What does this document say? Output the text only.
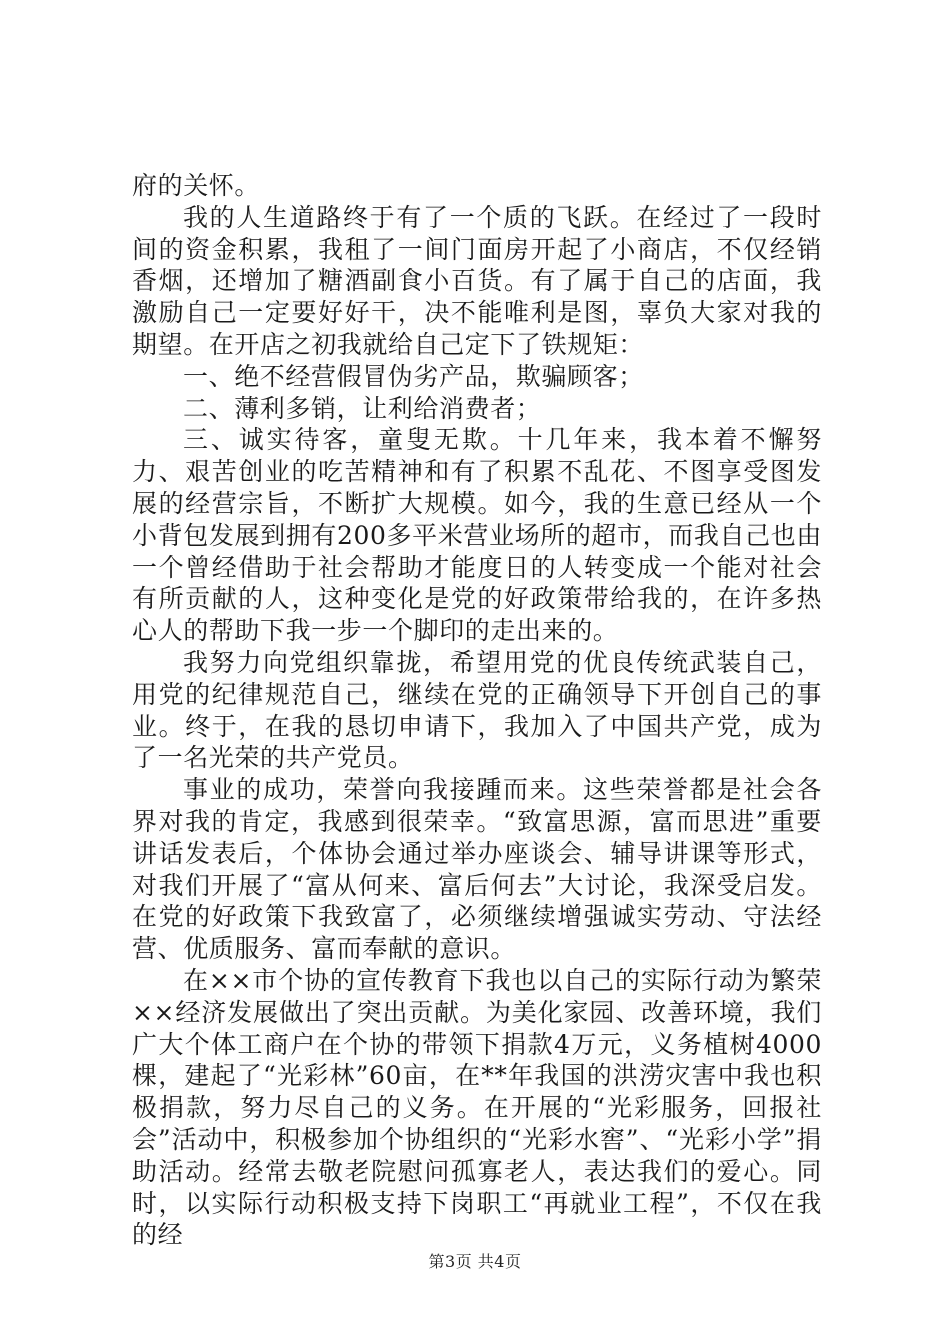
府的关怀。

我的人生道路终于有了一个质的飞跃。在经过了一段时间的资金积累，我租了一间门面房开起了小商店，不仅经销香烟，还增加了糖酒副食小百货。有了属于自己的店面，我激励自己一定要好好干，决不能唯利是图，辜负大家对我的期望。在开店之初我就给自己定下了铁规矩：

一、绝不经营假冒伪劣产品，欺骗顾客；

二、薄利多销，让利给消费者；

三、诚实待客，童叟无欺。十几年来，我本着不懈努力、艰苦创业的吃苦精神和有了积累不乱花、不图享受图发展的经营宗旨，不断扩大规模。如今，我的生意已经从一个小背包发展到拥有200多平米营业场所的超市，而我自己也由一个曾经借助于社会帮助才能度日的人转变成一个能对社会有所贡献的人，这种变化是党的好政策带给我的，在许多热心人的帮助下我一步一个脚印的走出来的。

我努力向党组织靠拢，希望用党的优良传统武装自己，用党的纪律规范自己，继续在党的正确领导下开创自己的事业。终于，在我的恳切申请下，我加入了中国共产党，成为了一名光荣的共产党员。

事业的成功，荣誉向我接踵而来。这些荣誉都是社会各界对我的肯定，我感到很荣幸。“致富思源，富而思进”重要讲话发表后，个体协会通过举办座谈会、辅导讲课等形式，对我们开展了“富从何来、富后何去”大讨论，我深受启发。在党的好政策下我致富了，必须继续增强诚实劳动、守法经营、优质服务、富而奉献的意识。

在××市个协的宣传教育下我也以自己的实际行动为繁荣××经济发展做出了突出贡献。为美化家园、改善环境，我们广大个体工商户在个协的带领下捐款4万元，义务植树4000棵，建起了“光彩林”60亩，在**年我国的洪涝灾害中我也积极捐款，努力尽自己的义务。在开展的“光彩服务，回报社会”活动中，积极参加个协组织的“光彩水窖”、“光彩小学”捐助活动。经常去敬老院慰问孤寡老人，表达我们的爱心。同时，以实际行动积极支持下岗职工“再就业工程”，不仅在我的经

第3页 共4页
